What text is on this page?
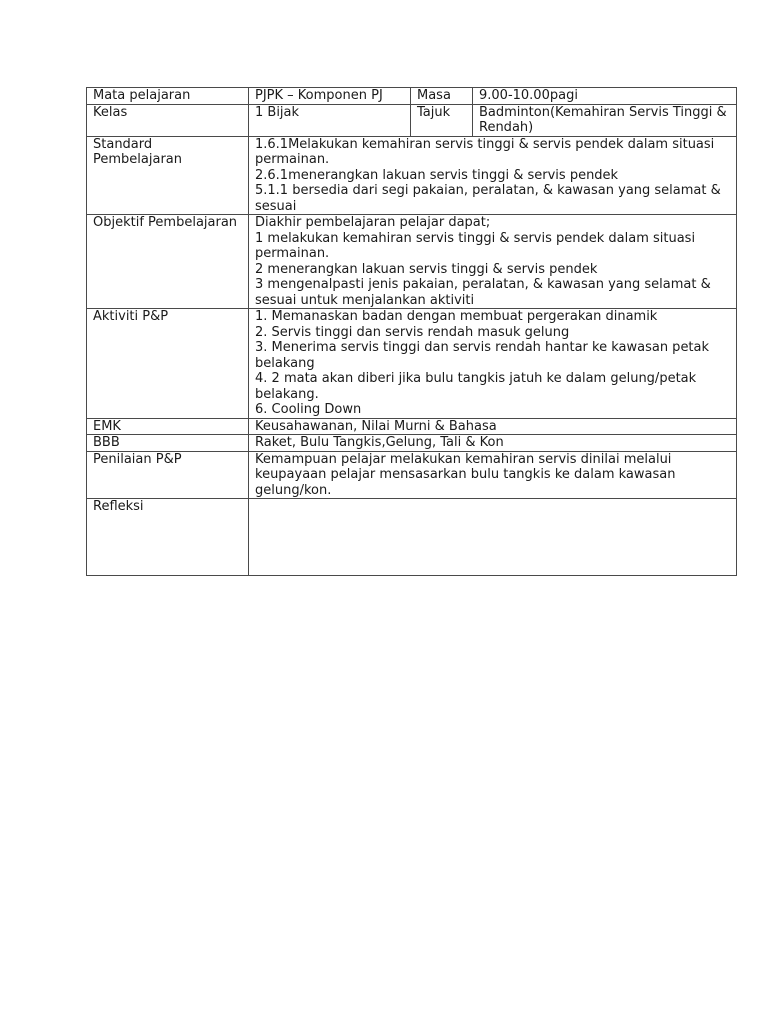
Mata pelajaran	PJPK – Komponen PJ	Masa	9.00-10.00pagi
Kelas	1 Bijak	Tajuk	Badminton(Kemahiran Servis Tinggi & Rendah)
Standard Pembelajaran	1.6.1Melakukan kemahiran servis tinggi & servis pendek dalam situasi permainan.
2.6.1menerangkan lakuan servis tinggi & servis pendek
5.1.1 bersedia dari segi pakaian, peralatan, & kawasan yang selamat & sesuai		

Objektif Pembelajaran	Diakhir pembelajaran pelajar dapat;
1 melakukan kemahiran servis tinggi & servis pendek dalam situasi permainan.
2 menerangkan lakuan servis tinggi & servis pendek
3 mengenalpasti jenis pakaian, peralatan, & kawasan yang selamat & sesuai untuk menjalankan aktiviti		

Aktiviti P&P	1. Memanaskan badan dengan membuat pergerakan dinamik
2. Servis tinggi dan servis rendah masuk gelung
3. Menerima servis tinggi dan servis rendah hantar ke kawasan petak belakang
4. 2 mata akan diberi jika bulu tangkis jatuh ke dalam gelung/petak belakang.
6. Cooling Down		

EMK	Keusahawanan, Nilai Murni & Bahasa		
BBB	Raket, Bulu Tangkis,Gelung, Tali & Kon		
Penilaian P&P	Kemampuan pelajar melakukan kemahiran servis dinilai melalui keupayaan pelajar mensasarkan bulu tangkis ke dalam kawasan gelung/kon.		
Refleksi			
